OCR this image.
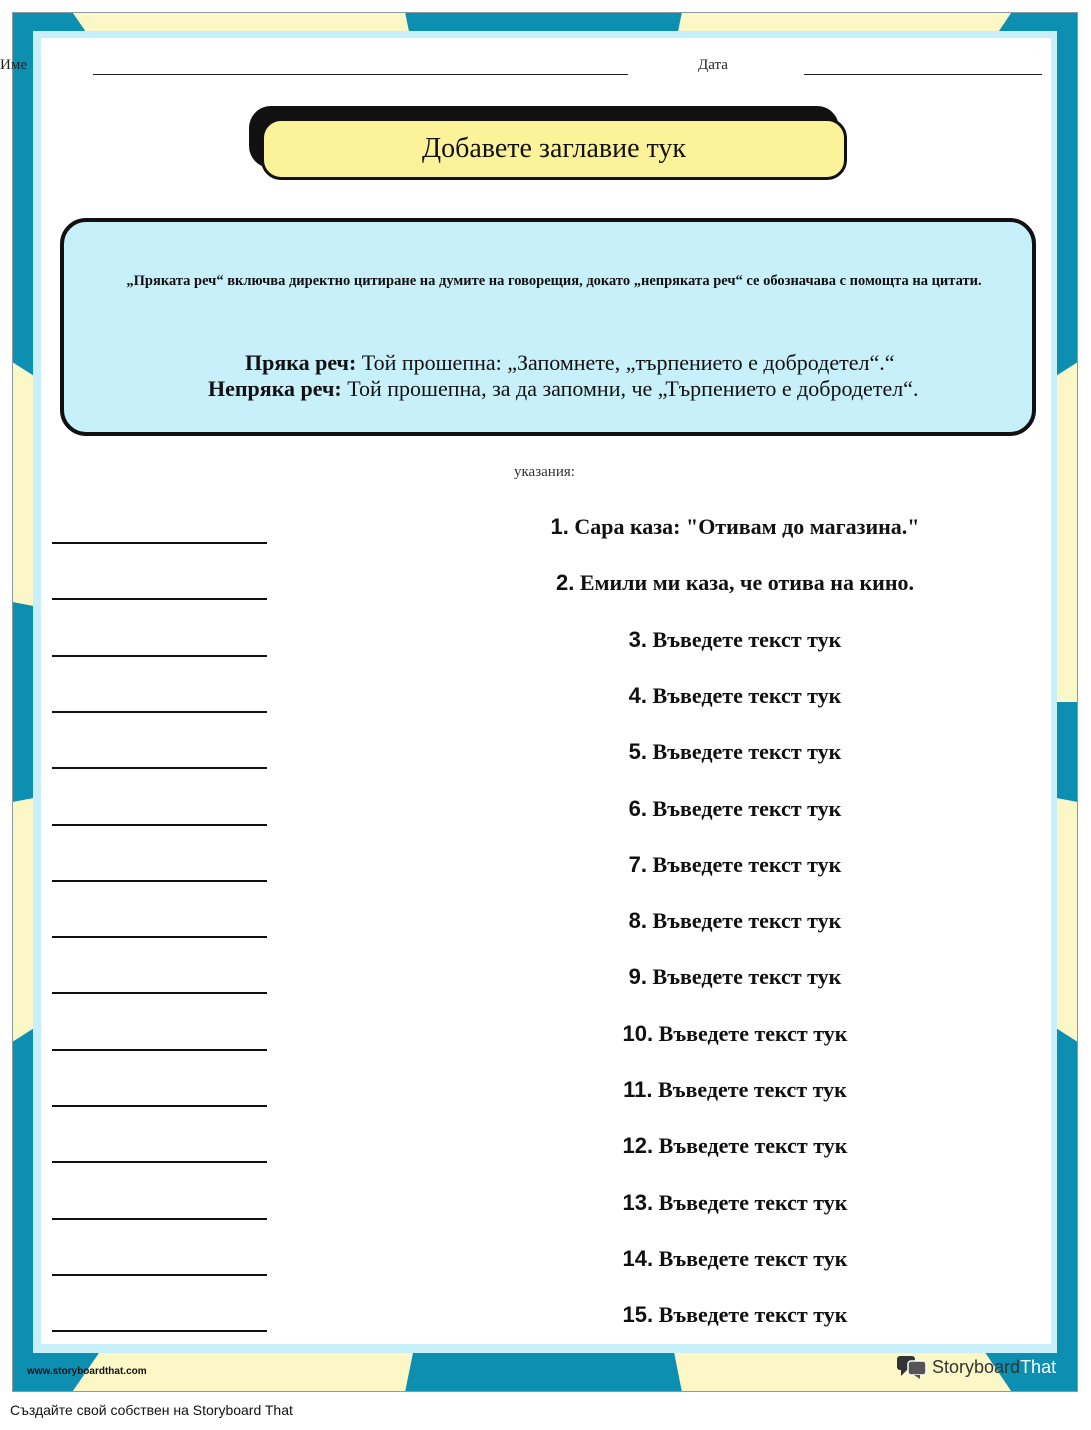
Име	Дата
Добавете заглавие тук
„Пряката реч“ включва директно цитиране на думите на говорещия, докато „непряката реч“ се обозначава с помощта на цитати.
Пряка реч: Той прошепна: „Запомнете, „търпението е добродетел“.“
Непряка реч: Той прошепна, за да запомни, че „Търпението е добродетел“.
указания:
1. Сара каза: "Отивам до магазина."
2. Емили ми каза, че отива на кино.
3. Въведете текст тук
4. Въведете текст тук
5. Въведете текст тук
6. Въведете текст тук
7. Въведете текст тук
8. Въведете текст тук
9. Въведете текст тук
10. Въведете текст тук
11. Въведете текст тук
12. Въведете текст тук
13. Въведете текст тук
14. Въведете текст тук
15. Въведете текст тук
www.storyboardthat.com	StoryboardThat
Създайте свой собствен на Storyboard That
